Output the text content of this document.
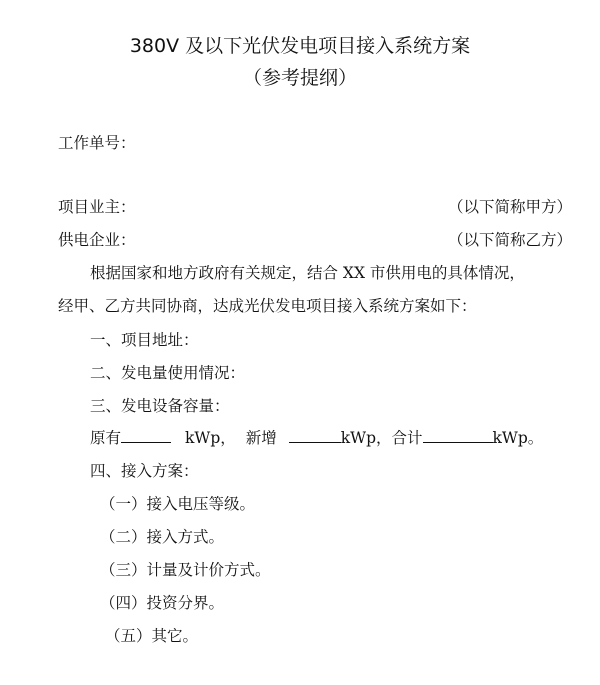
380V 及以下光伏发电项目接入系统方案
（参考提纲）
工作单号：
项目业主：	（以下简称甲方）
供电企业：	（以下简称乙方）
根据国家和地方政府有关规定，结合 XX 市供用电的具体情况，
经甲、乙方共同协商，达成光伏发电项目接入系统方案如下：
一、项目地址：
二、发电量使用情况：
三、发电设备容量：
原有	kWp， 新增	kWp，合计	kWp。
四、接入方案：
（一）接入电压等级。
（二）接入方式。
（三）计量及计价方式。
（四）投资分界。
（五）其它。
